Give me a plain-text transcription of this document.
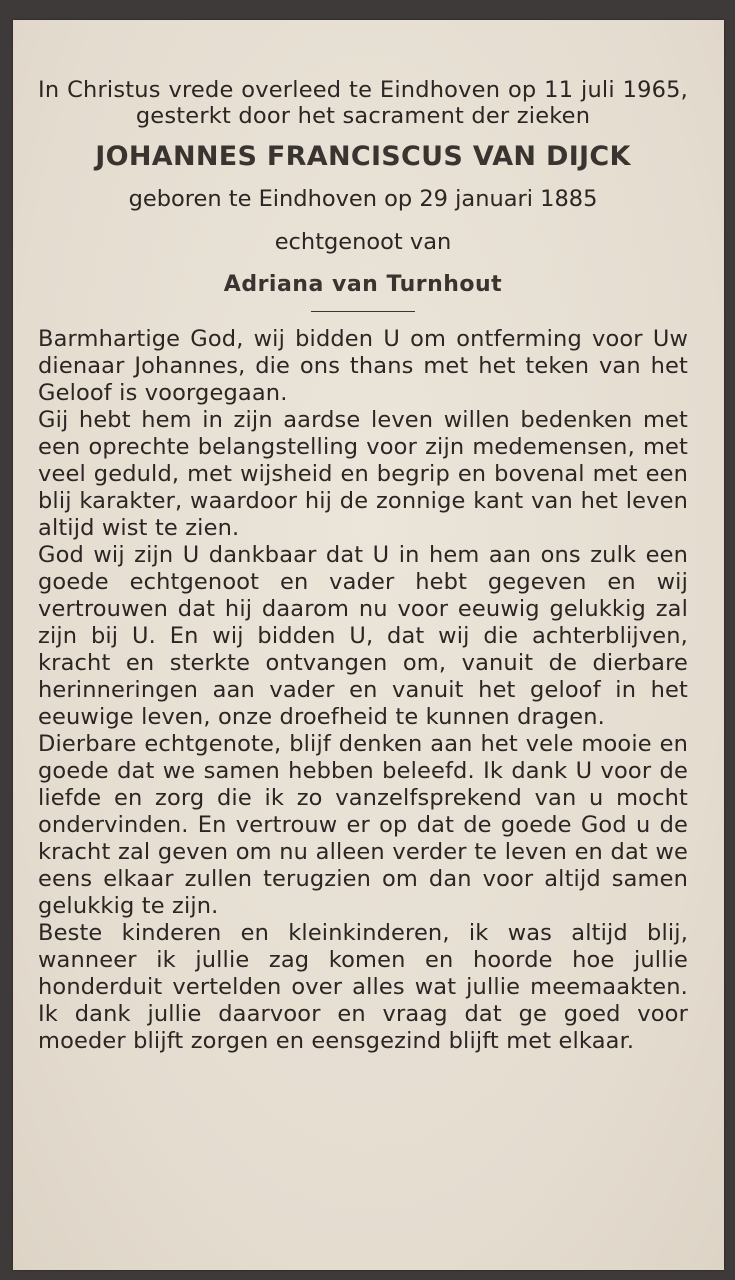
In Christus vrede overleed te Eindhoven op 11 juli 1965, gesterkt door het sacrament der zieken
JOHANNES FRANCISCUS VAN DIJCK
geboren te Eindhoven op 29 januari 1885
echtgenoot van
Adriana van Turnhout

Barmhartige God, wij bidden U om ontferming voor Uw dienaar Johannes, die ons thans met het teken van het Geloof is voorgegaan.

Gij hebt hem in zijn aardse leven willen bedenken met een oprechte belangstelling voor zijn medemensen, met veel geduld, met wijsheid en begrip en bovenal met een blij karakter, waardoor hij de zonnige kant van het leven altijd wist te zien.

God wij zijn U dankbaar dat U in hem aan ons zulk een goede echtgenoot en vader hebt gegeven en wij vertrouwen dat hij daarom nu voor eeuwig gelukkig zal zijn bij U. En wij bidden U, dat wij die achterblijven, kracht en sterkte ontvangen om, vanuit de dierbare herinneringen aan vader en vanuit het geloof in het eeuwige leven, onze droefheid te kunnen dragen.

Dierbare echtgenote, blijf denken aan het vele mooie en goede dat we samen hebben beleefd. Ik dank U voor de liefde en zorg die ik zo vanzelfsprekend van u mocht ondervinden. En vertrouw er op dat de goede God u de kracht zal geven om nu alleen verder te leven en dat we eens elkaar zullen terugzien om dan voor altijd samen gelukkig te zijn.

Beste kinderen en kleinkinderen, ik was altijd blij, wanneer ik jullie zag komen en hoorde hoe jullie honderduit vertelden over alles wat jullie meemaakten. Ik dank jullie daarvoor en vraag dat ge goed voor moeder blijft zorgen en eensgezind blijft met elkaar.
